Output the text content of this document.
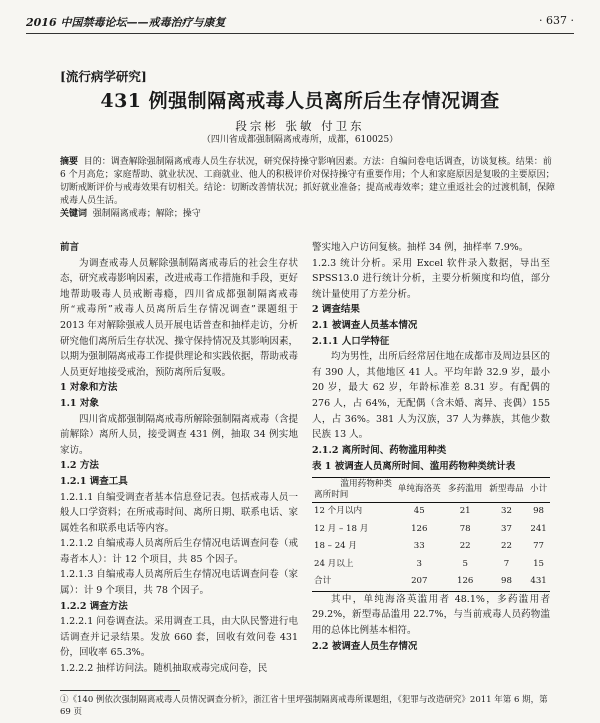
2016 中国禁毒论坛——戒毒治疗与康复	· 637 ·
[流行病学研究]
431 例强制隔离戒毒人员离所后生存情况调查
段宗彬 张敏 付卫东
（四川省成都强制隔离戒毒所，成都，610025）
摘要 目的：调查解除强制隔离戒毒人员生存状况，研究保持操守影响因素。方法：自编问卷电话调查，访谈复核。结果：前 6 个月高危；家庭帮助、就业状况、工商就业、他人的积极评价对保持操守有重要作用；个人和家庭原因是复吸的主要原因；切断戒断评价与戒毒效果有切相关。结论：切断改善情状况；抓好就业准备；提高戒毒效率；建立重返社会的过渡机制，保障戒毒人员生活。
关键词 强制隔离戒毒；解除；操守

前言

为调查戒毒人员解除强制隔离戒毒后的社会生存状态，研究戒毒影响因素，改进戒毒工作措施和手段，更好地帮助吸毒人员戒断毒瘾，四川省成都强制隔离戒毒所“戒毒所”戒毒人员离所后生存情况调查”课题组于 2013 年对解除强戒人员开展电话普查和抽样走访，分析研究他们离所后生存状况、操守保持情况及其影响因素，以期为强制隔离戒毒工作提供理论和实践依据，帮助戒毒人员更好地接受戒治，预防离所后复吸。

1 对象和方法

1.1 对象

四川省成都强制隔离戒毒所解除强制隔离戒毒（含提前解除）离所人员，接受调查 431 例，抽取 34 例实地家访。

1.2 方法

1.2.1 调查工具

1.2.1.1 自编受调查者基本信息登记表。包括戒毒人员一般人口学资料；在所戒毒时间、离所日期、联系电话、家属姓名和联系电话等内容。

1.2.1.2 自编戒毒人员离所后生存情况电话调查问卷（戒毒者本人）：计 12 个项目，共 85 个因子。

1.2.1.3 自编戒毒人员离所后生存情况电话调查问卷（家属）：计 9 个项目，共 78 个因子。

1.2.2 调查方法

1.2.2.1 问卷调查法。采用调查工具，由大队民警进行电话调查并记录结果。发放 660 套，回收有效问卷 431 份，回收率 65.3%。

1.2.2.2 抽样访问法。随机抽取戒毒完成问卷，民

警实地入户访问复核。抽样 34 例，抽样率 7.9%。

1.2.3 统计分析。采用 Excel 软件录入数据，导出至 SPSS13.0 进行统计分析，主要分析频度和均值，部分统计量使用了方差分析。

2 调查结果

2.1 被调查人员基本情况

2.1.1 人口学特征

均为男性，出所后经常居住地在成都市及周边县区的有 390 人，其他地区 41 人。平均年龄 32.9 岁，最小 20 岁，最大 62 岁，年龄标准差 8.31 岁。有配偶的 276 人，占 64%，无配偶（含未婚、离异、丧偶）155 人，占 36%。381 人为汉族，37 人为彝族，其他少数民族 13 人。

2.1.2 离所时间、药物滥用种类

表 1 被调查人员离所时间、滥用药物种类统计表
滥用药物种类
离所时间	单纯海洛英	多药滥用	新型毒品	小计
12 个月以内	45	21	32	98
12 月 – 18 月	126	78	37	241
18 – 24 月	33	22	22	77
24 月以上	3	5	7	15
合计	207	126	98	431

其中，单纯海洛英滥用者 48.1%，多药滥用者 29.2%，新型毒品滥用 22.7%，与当前戒毒人员药物滥用的总体比例基本相符。

2.2 被调查人员生存情况

①《140 例依次强制隔离戒毒人员情况调查分析》，浙江省十里坪强制隔离戒毒所课题组，《犯罪与改造研究》2011 年第 6 期，第 69 页
